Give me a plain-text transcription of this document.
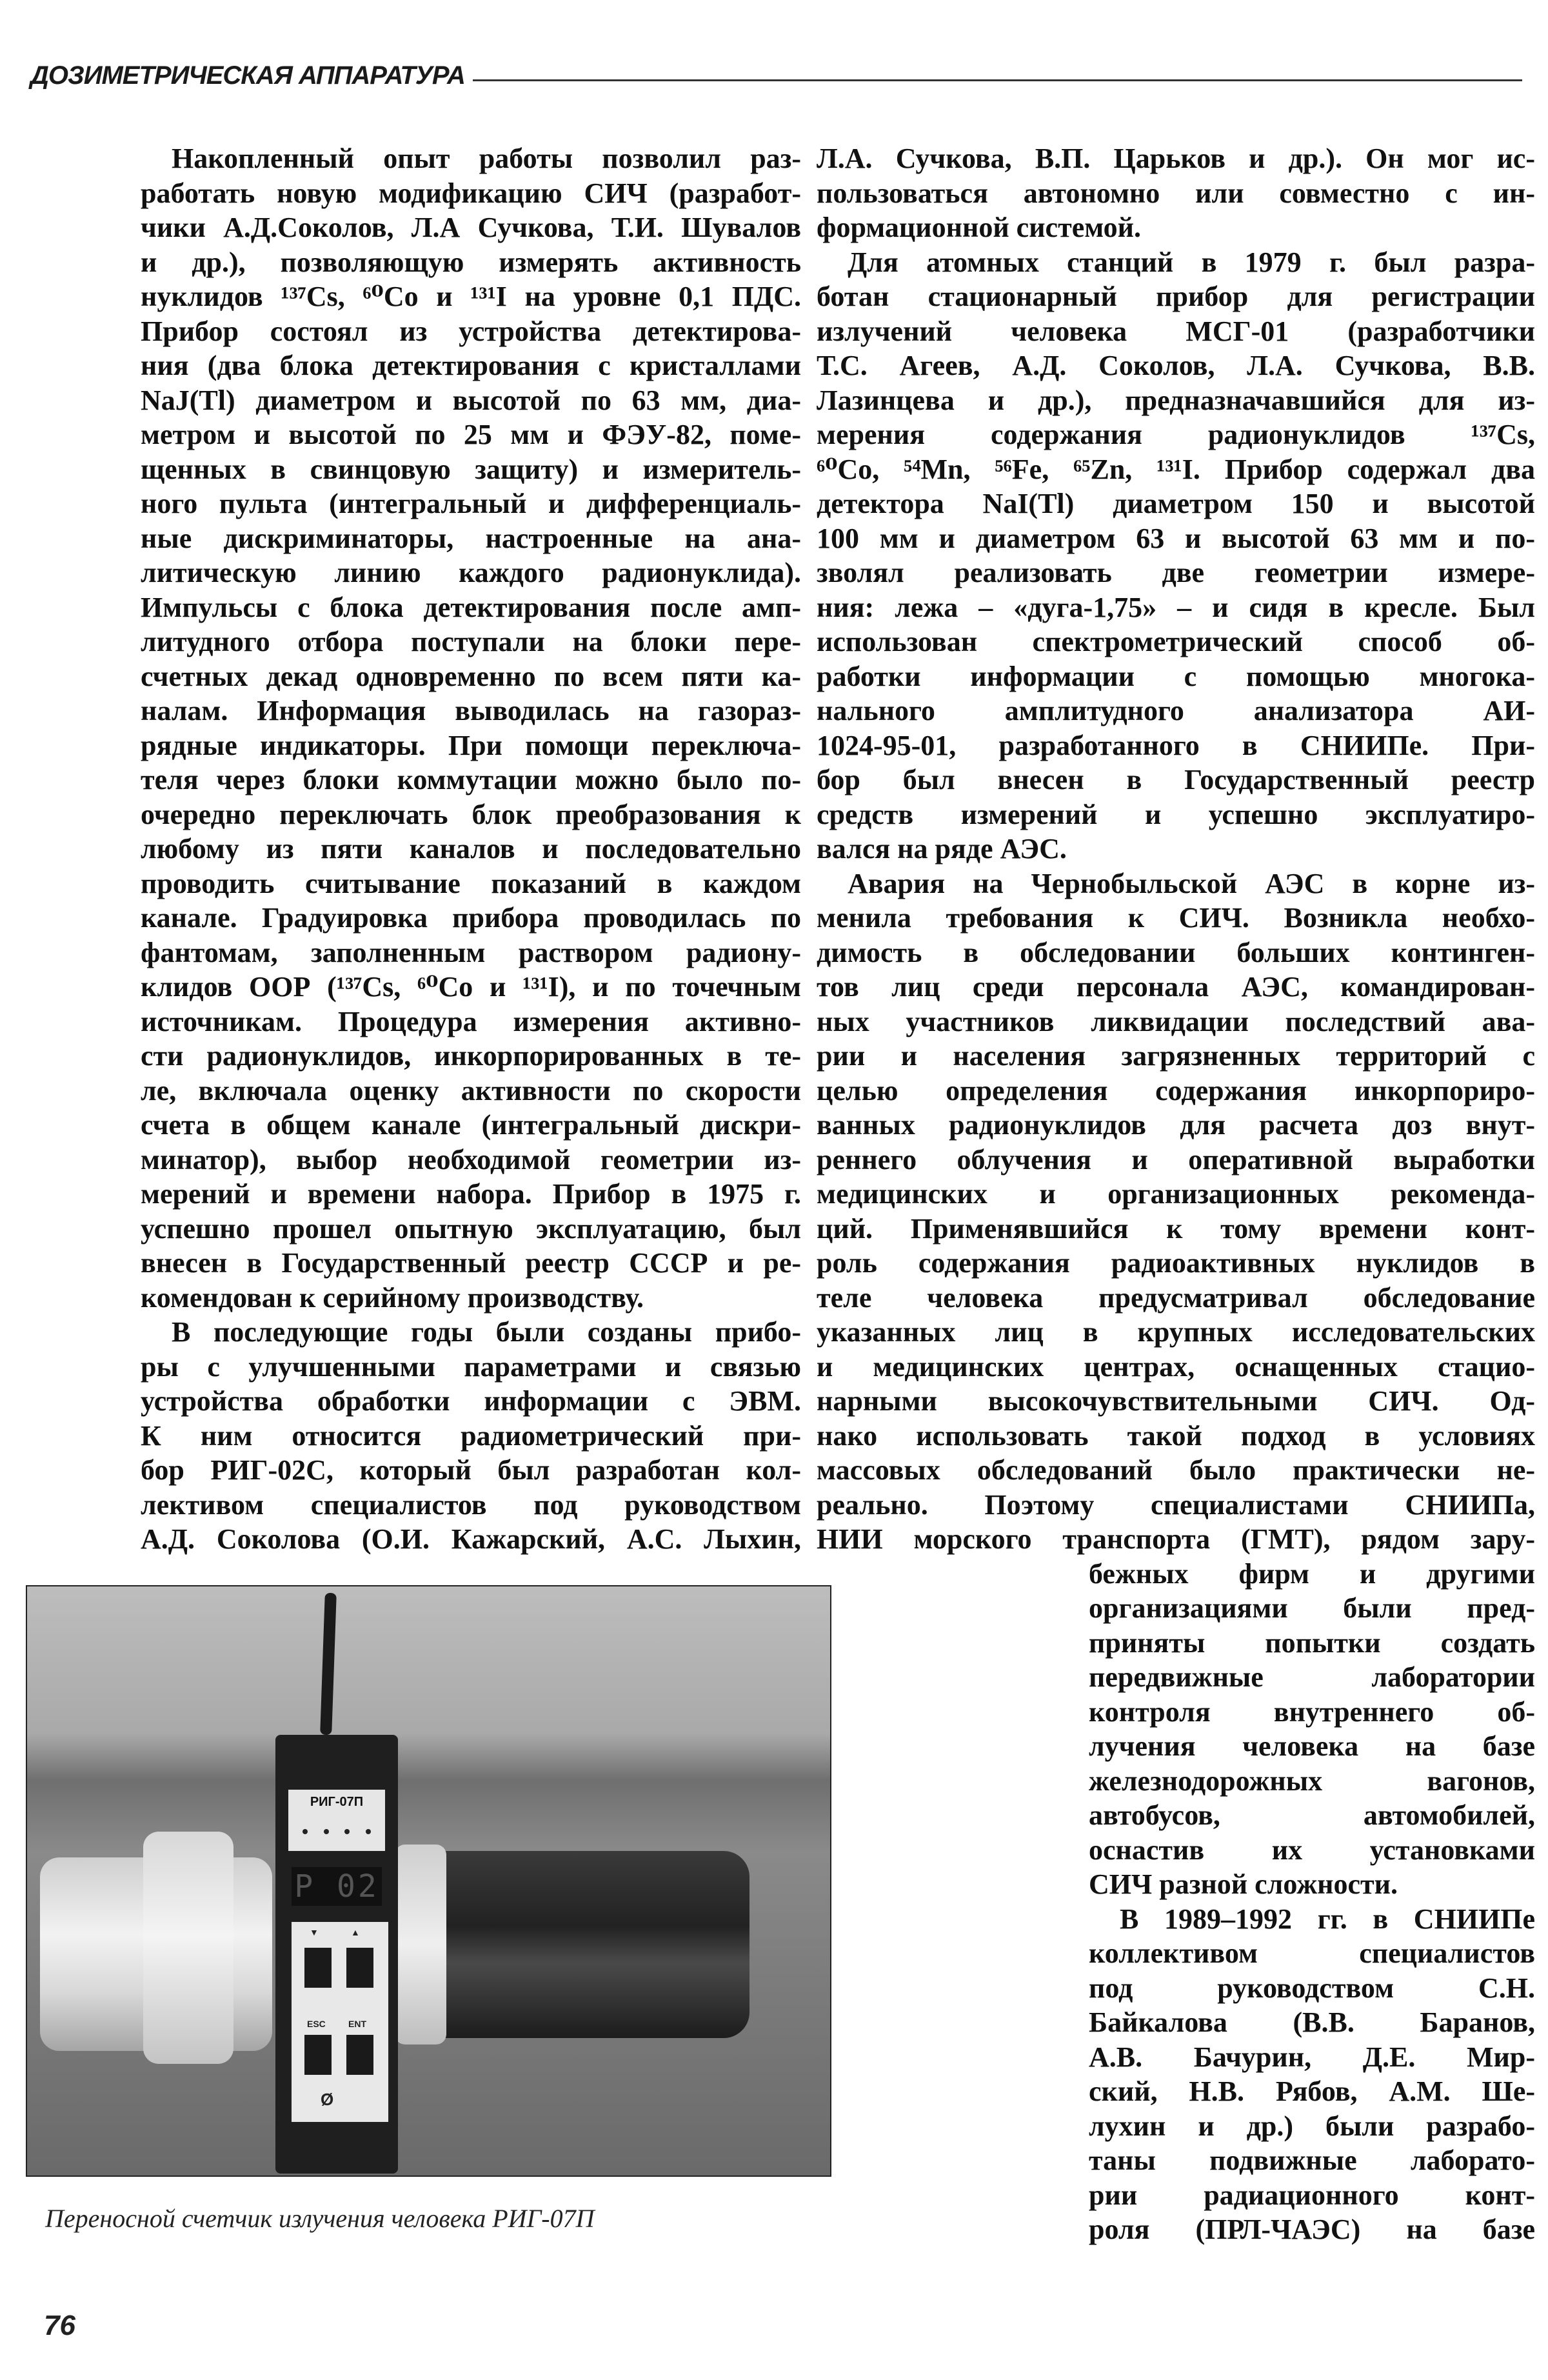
ДОЗИМЕТРИЧЕСКАЯ АППАРАТУРА
Накопленный опыт работы позволил раз-
работать новую модификацию СИЧ (разработ-
чики А.Д.Соколов, Л.А Сучкова, Т.И. Шувалов
и др.), позволяющую измерять активность
нуклидов ¹³⁷Cs, ⁶⁰Co и ¹³¹I на уровне 0,1 ПДС.
Прибор состоял из устройства детектирова-
ния (два блока детектирования с кристаллами
NaJ(Tl) диаметром и высотой по 63 мм, диа-
метром и высотой по 25 мм и ФЭУ-82, поме-
щенных в свинцовую защиту) и измеритель-
ного пульта (интегральный и дифференциаль-
ные дискриминаторы, настроенные на ана-
литическую линию каждого радионуклида).
Импульсы с блока детектирования после амп-
литудного отбора поступали на блоки пере-
счетных декад одновременно по всем пяти ка-
налам. Информация выводилась на газораз-
рядные индикаторы. При помощи переключа-
теля через блоки коммутации можно было по-
очередно переключать блок преобразования к
любому из пяти каналов и последовательно
проводить считывание показаний в каждом
канале. Градуировка прибора проводилась по
фантомам, заполненным раствором радиону-
клидов ООР (¹³⁷Cs, ⁶⁰Co и ¹³¹I), и по точечным
источникам. Процедура измерения активно-
сти радионуклидов, инкорпорированных в те-
ле, включала оценку активности по скорости
счета в общем канале (интегральный дискри-
минатор), выбор необходимой геометрии из-
мерений и времени набора. Прибор в 1975 г.
успешно прошел опытную эксплуатацию, был
внесен в Государственный реестр СССР и ре-
комендован к серийному производству.
В последующие годы были созданы прибо-
ры с улучшенными параметрами и связью
устройства обработки информации с ЭВМ.
К ним относится радиометрический при-
бор РИГ-02С, который был разработан кол-
лективом специалистов под руководством
А.Д. Соколова (О.И. Кажарский, А.С. Лыхин,
Л.А. Сучкова, В.П. Царьков и др.). Он мог ис-
пользоваться автономно или совместно с ин-
формационной системой.
Для атомных станций в 1979 г. был разра-
ботан стационарный прибор для регистрации
излучений человека МСГ-01 (разработчики
Т.С. Агеев, А.Д. Соколов, Л.А. Сучкова, В.В.
Лазинцева и др.), предназначавшийся для из-
мерения содержания радионуклидов ¹³⁷Cs,
⁶⁰Co, ⁵⁴Mn, ⁵⁶Fe, ⁶⁵Zn, ¹³¹I. Прибор содержал два
детектора NaI(Tl) диаметром 150 и высотой
100 мм и диаметром 63 и высотой 63 мм и по-
зволял реализовать две геометрии измере-
ния: лежа – «дуга-1,75» – и сидя в кресле. Был
использован спектрометрический способ об-
работки информации с помощью многока-
нального амплитудного анализатора АИ-
1024-95-01, разработанного в СНИИПе. При-
бор был внесен в Государственный реестр
средств измерений и успешно эксплуатиро-
вался на ряде АЭС.
Авария на Чернобыльской АЭС в корне из-
менила требования к СИЧ. Возникла необхо-
димость в обследовании больших континген-
тов лиц среди персонала АЭС, командирован-
ных участников ликвидации последствий ава-
рии и населения загрязненных территорий с
целью определения содержания инкорпориро-
ванных радионуклидов для расчета доз внут-
реннего облучения и оперативной выработки
медицинских и организационных рекоменда-
ций. Применявшийся к тому времени конт-
роль содержания радиоактивных нуклидов в
теле человека предусматривал обследование
указанных лиц в крупных исследовательских
и медицинских центрах, оснащенных стацио-
нарными высокочувствительными СИЧ. Од-
нако использовать такой подход в условиях
массовых обследований было практически не-
реально. Поэтому специалистами СНИИПа,
НИИ морского транспорта (ГМТ), рядом зару-
бежных фирм и другими
организациями были пред-
приняты попытки создать
передвижные лаборатории
контроля внутреннего об-
лучения человека на базе
железнодорожных вагонов,
автобусов, автомобилей,
оснастив их установками
СИЧ разной сложности.
В 1989–1992 гг. в СНИИПе
коллективом специалистов
под руководством С.Н.
Байкалова (В.В. Баранов,
А.В. Бачурин, Д.Е. Мир-
ский, Н.В. Рябов, А.М. Ше-
лухин и др.) были разрабо-
таны подвижные лаборато-
рии радиационного конт-
роля (ПРЛ-ЧАЭС) на базе
РИГ-07П
P 02
▼	▲
ESC	ENT
Ø
Переносной счетчик излучения человека РИГ-07П
76
